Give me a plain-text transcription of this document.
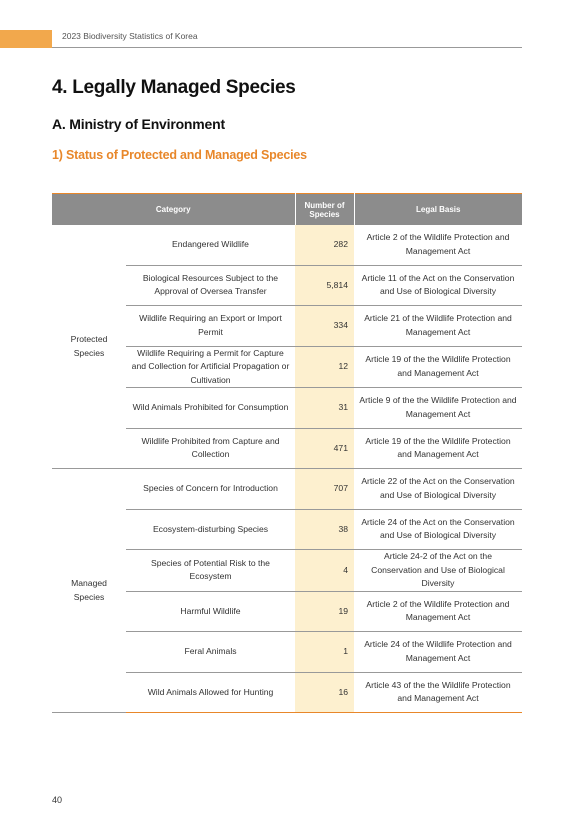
2023 Biodiversity Statistics of Korea
4. Legally Managed Species
A. Ministry of Environment
1) Status of Protected and Managed Species
Category		Number of Species	Legal Basis
Protected Species	Endangered Wildlife	282	Article 2 of the Wildlife Protection and Management Act
	Biological Resources Subject to the Approval of Oversea Transfer	5,814	Article 11 of the Act on the Conservation and Use of Biological Diversity
	Wildlife Requiring an Export or Import Permit	334	Article 21 of the Wildlife Protection and Management Act
	Wildlife Requiring a Permit for Capture and Collection for Artificial Propagation or Cultivation	12	Article 19 of the the Wildlife Protection and Management Act
	Wild Animals Prohibited for Consumption	31	Article 9 of the the Wildlife Protection and Management Act
	Wildlife Prohibited from Capture and Collection	471	Article 19 of the the Wildlife Protection and Management Act
Managed Species	Species of Concern for Introduction	707	Article 22 of the Act on the Conservation and Use of Biological Diversity
	Ecosystem-disturbing Species	38	Article 24 of the Act on the Conservation and Use of Biological Diversity
	Species of Potential Risk to the Ecosystem	4	Article 24-2 of the Act on the Conservation and Use of Biological Diversity
	Harmful Wildlife	19	Article 2 of the Wildlife Protection and Management Act
	Feral Animals	1	Article 24 of the Wildlife Protection and Management Act
	Wild Animals Allowed for Hunting	16	Article 43 of the the Wildlife Protection and Management Act
40
